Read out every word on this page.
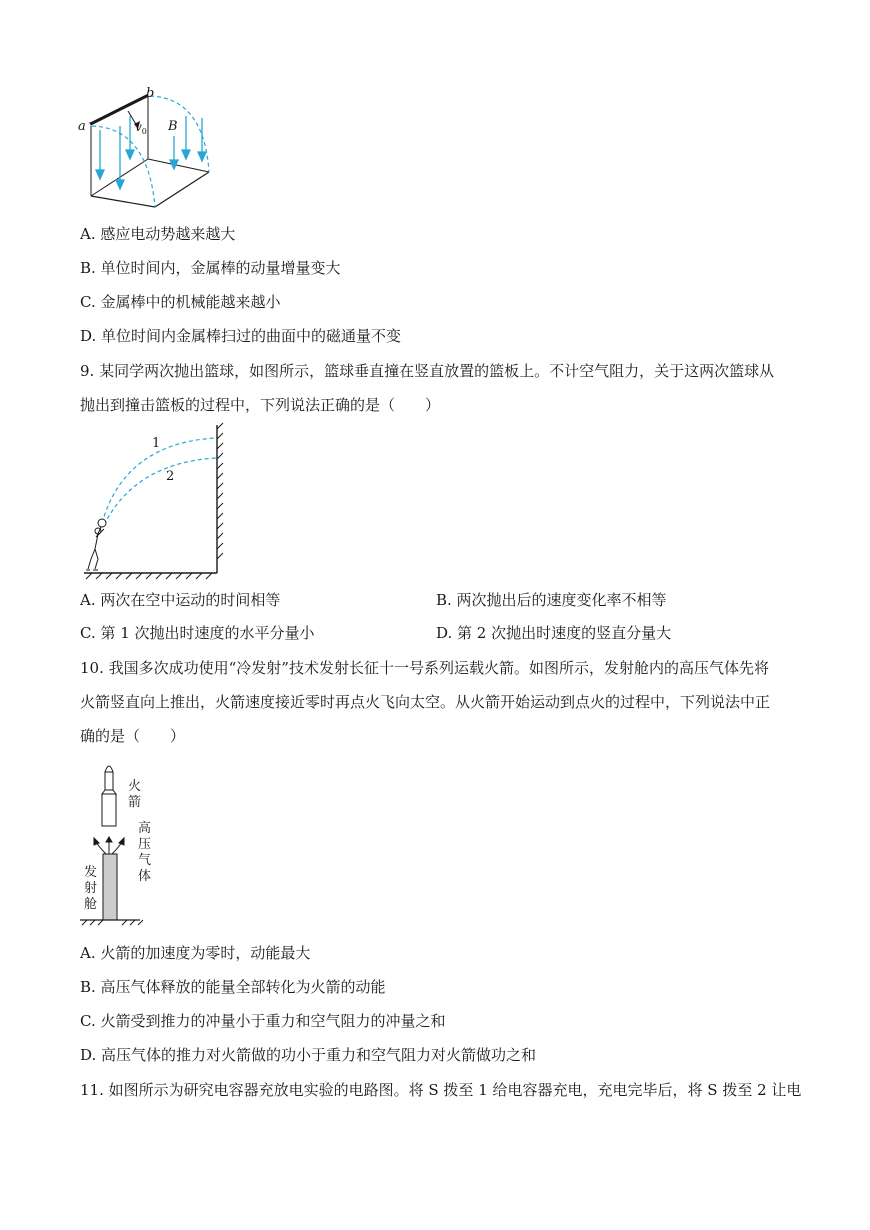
a
b
$v_0$ B
A. 感应电动势越来越大
B. 单位时间内，金属棒的动量增量变大
C. 金属棒中的机械能越来越小
D. 单位时间内金属棒扫过的曲面中的磁通量不变
9. 某同学两次抛出篮球，如图所示，篮球垂直撞在竖直放置的篮板上。不计空气阻力，关于这两次篮球从
抛出到撞击篮板的过程中，下列说法正确的是（　　）
1
2
A. 两次在空中运动的时间相等	B. 两次抛出后的速度变化率不相等
C. 第 1 次抛出时速度的水平分量小	D. 第 2 次抛出时速度的竖直分量大
10. 我国多次成功使用“冷发射”技术发射长征十一号系列运载火箭。如图所示，发射舱内的高压气体先将
火箭竖直向上推出，火箭速度接近零时再点火飞向太空。从火箭开始运动到点火的过程中，下列说法中正
确的是（　　）
火
箭
高
压
气
体
发
射
舱
A. 火箭的加速度为零时，动能最大
B. 高压气体释放的能量全部转化为火箭的动能
C. 火箭受到推力的冲量小于重力和空气阻力的冲量之和
D. 高压气体的推力对火箭做的功小于重力和空气阻力对火箭做功之和
11. 如图所示为研究电容器充放电实验的电路图。将 S 拨至 1 给电容器充电，充电完毕后，将 S 拨至 2 让电
